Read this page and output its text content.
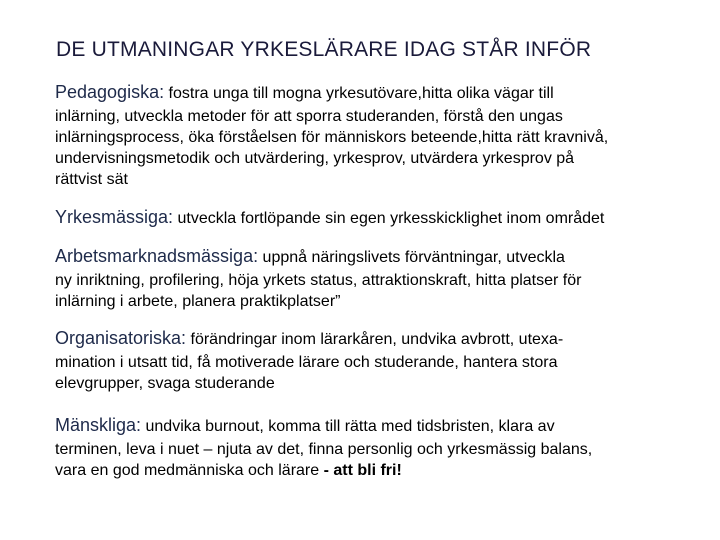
DE UTMANINGAR YRKESLÄRARE IDAG STÅR INFÖR
Pedagogiska: fostra unga till mogna yrkesutövare,hitta olika vägar till
inlärning, utveckla metoder för att sporra studeranden, förstå den ungas
inlärningsprocess, öka förståelsen för människors beteende,hitta rätt kravnivå,
undervisningsmetodik och utvärdering, yrkesprov, utvärdera yrkesprov på
rättvist sät
Yrkesmässiga: utveckla fortlöpande sin egen yrkesskicklighet inom området
Arbetsmarknadsmässiga: uppnå näringslivets förväntningar, utveckla
ny inriktning, profilering, höja yrkets status, attraktionskraft, hitta platser för
inlärning i arbete, planera praktikplatser”
Organisatoriska: förändringar inom lärarkåren, undvika avbrott, utexa-
mination i utsatt tid, få motiverade lärare och studerande, hantera stora
elevgrupper, svaga studerande
Mänskliga: undvika burnout, komma till rätta med tidsbristen, klara av
terminen, leva i nuet – njuta av det, finna personlig och yrkesmässig balans,
vara en god medmänniska och lärare - att bli fri!
